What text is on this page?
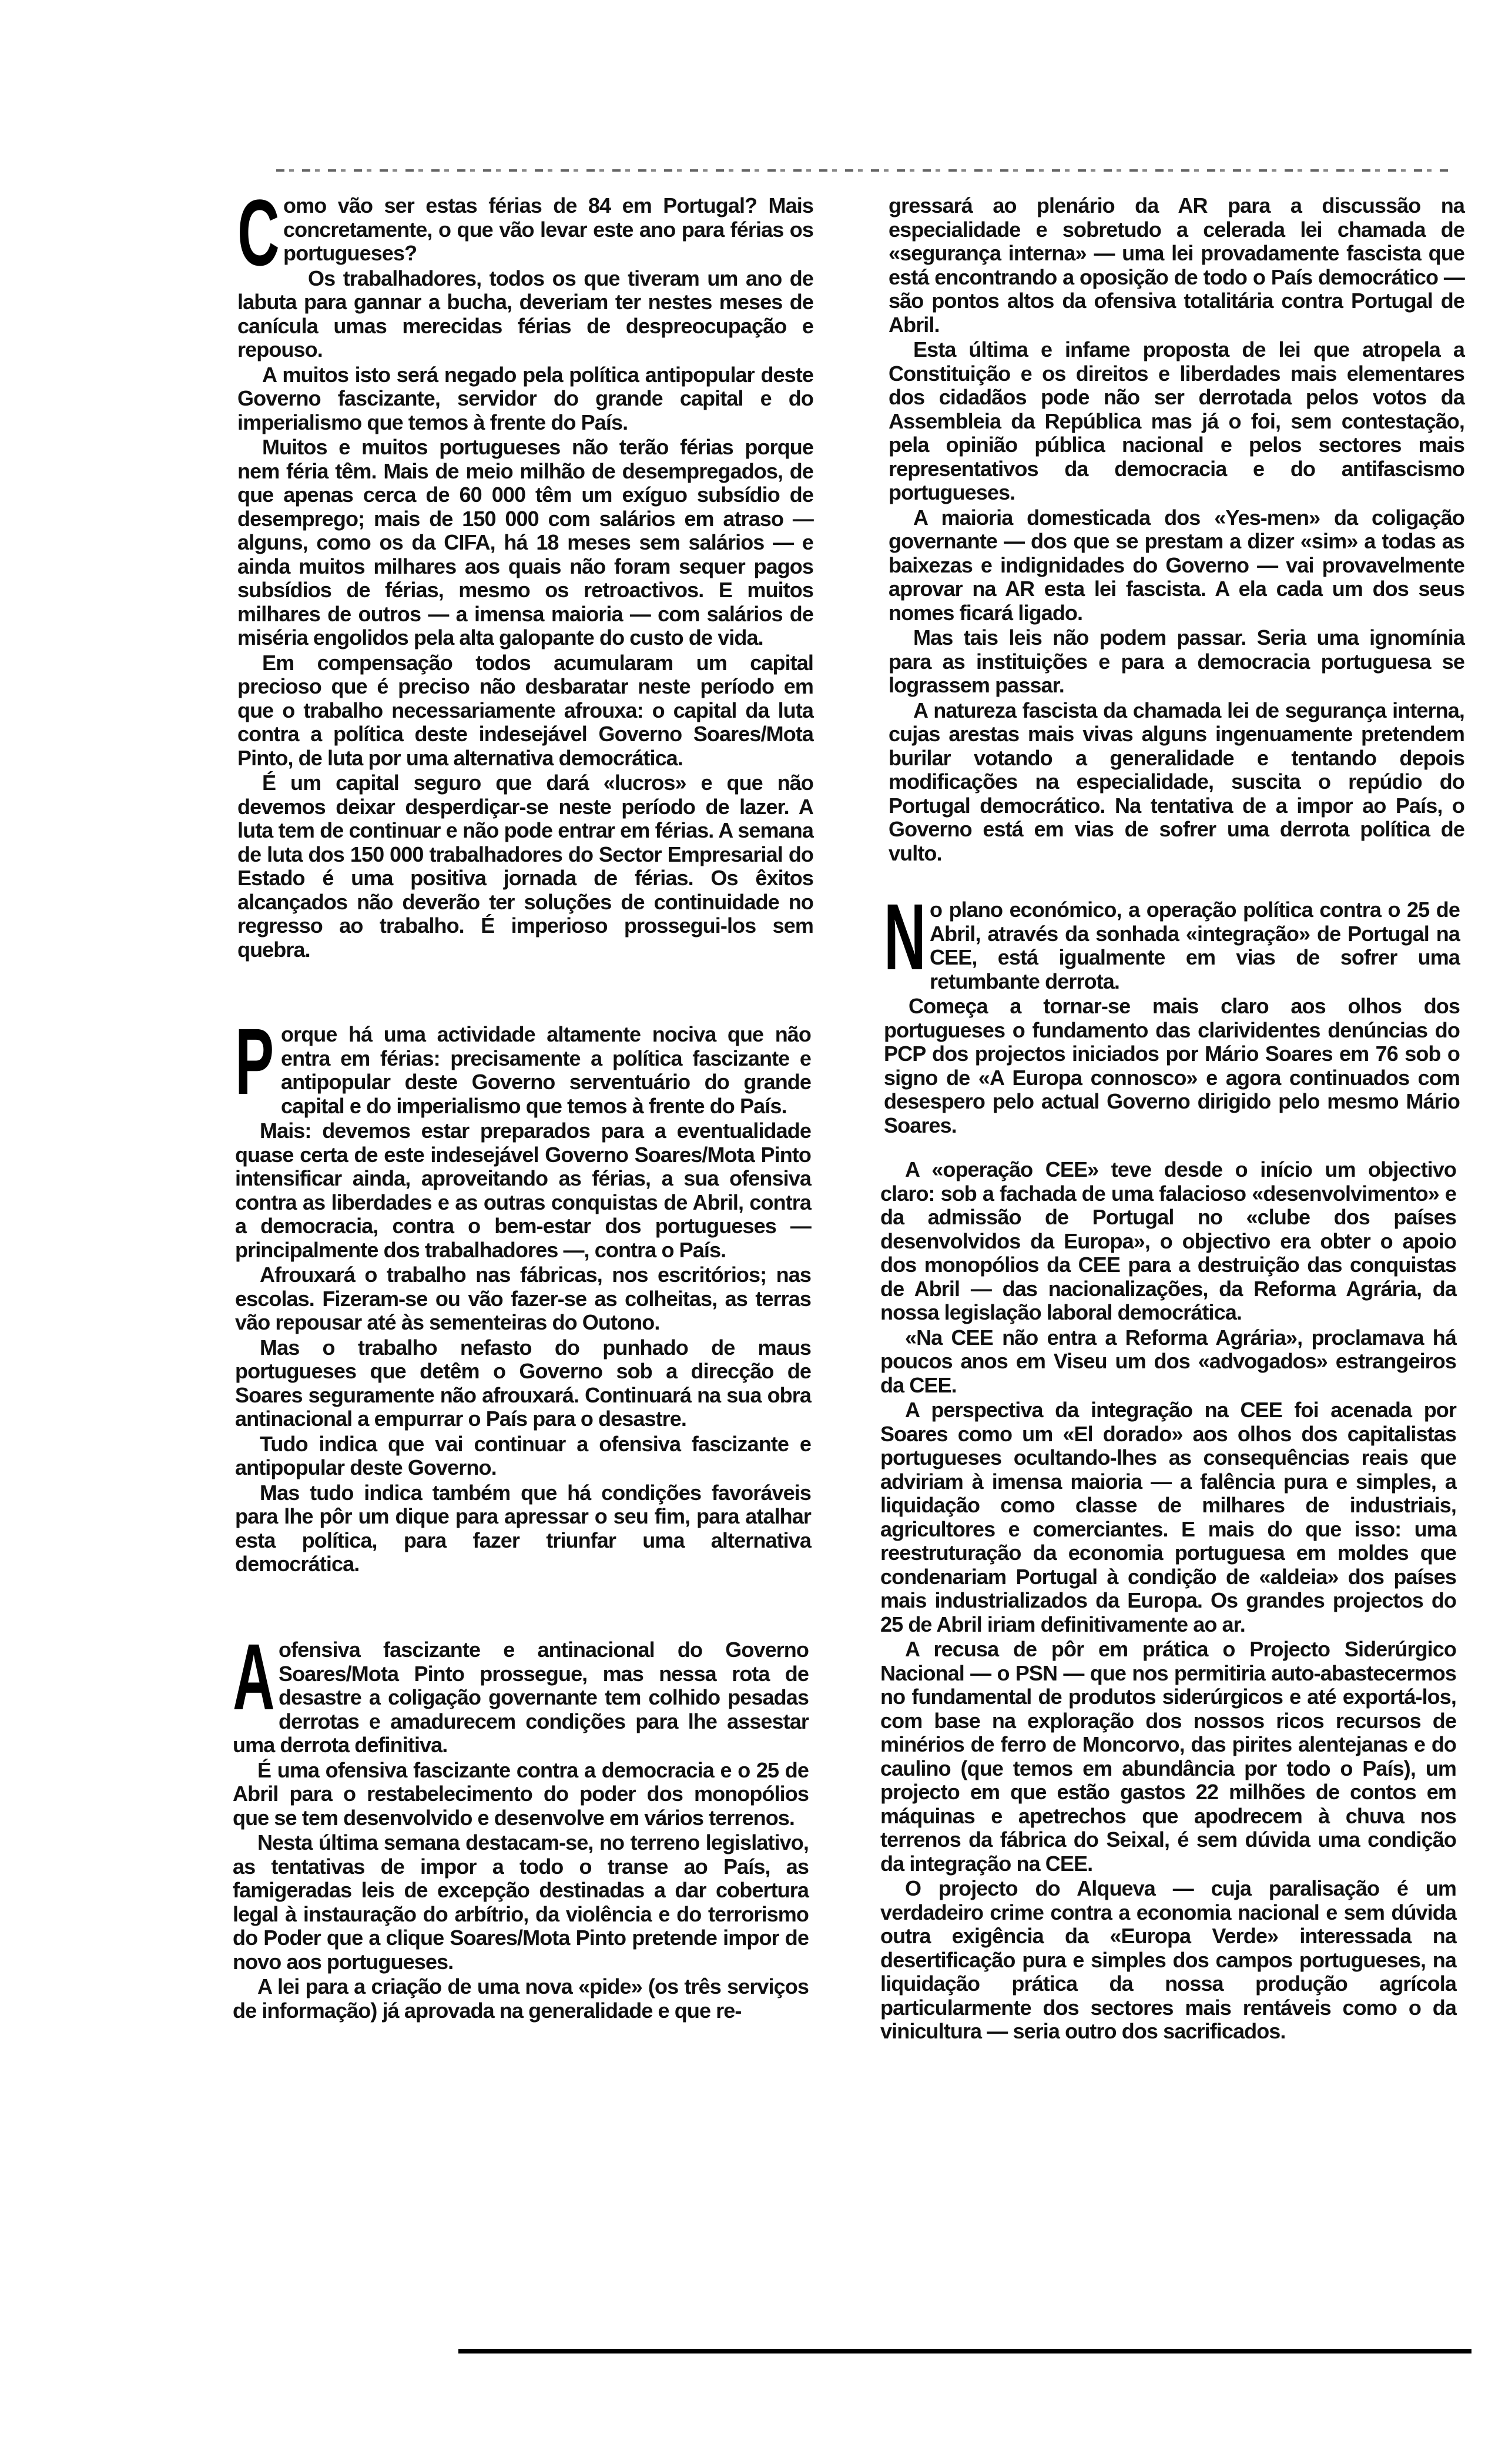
C omo vão ser estas férias de 84 em Portugal? Mais concretamente, o que vão levar este ano para férias os portugueses?

Os trabalhadores, todos os que tiveram um ano de labuta para gannar a bucha, deveriam ter nestes meses de canícula umas merecidas férias de despreocupação e repouso.

A muitos isto será negado pela política antipopular deste Governo fascizante, servidor do grande capital e do imperialismo que temos à frente do País.

Muitos e muitos portugueses não terão férias porque nem féria têm. Mais de meio milhão de desempregados, de que apenas cerca de 60 000 têm um exíguo subsídio de desemprego; mais de 150 000 com salários em atraso — alguns, como os da CIFA, há 18 meses sem salários — e ainda muitos milhares aos quais não foram sequer pagos subsídios de férias, mesmo os retroactivos. E muitos milhares de outros — a imensa maioria — com salários de miséria engolidos pela alta galopante do custo de vida.

Em compensação todos acumularam um capital precioso que é preciso não desbaratar neste período em que o trabalho necessariamente afrouxa: o capital da luta contra a política deste indesejável Governo Soares/Mota Pinto, de luta por uma alternativa democrática.

É um capital seguro que dará «lucros» e que não devemos deixar desperdiçar-se neste período de lazer. A luta tem de continuar e não pode entrar em férias. A semana de luta dos 150 000 trabalhadores do Sector Empresarial do Estado é uma positiva jornada de férias. Os êxitos alcançados não deverão ter soluções de continuidade no regresso ao trabalho. É imperioso prossegui-los sem quebra.

P orque há uma actividade altamente nociva que não entra em férias: precisamente a política fascizante e antipopular deste Governo serventuário do grande capital e do imperialismo que temos à frente do País.

Mais: devemos estar preparados para a eventualidade quase certa de este indesejável Governo Soares/Mota Pinto intensificar ainda, aproveitando as férias, a sua ofensiva contra as liberdades e as outras conquistas de Abril, contra a democracia, contra o bem-estar dos portugueses — principalmente dos trabalhadores —, contra o País.

Afrouxará o trabalho nas fábricas, nos escritórios; nas escolas. Fizeram-se ou vão fazer-se as colheitas, as terras vão repousar até às sementeiras do Outono.

Mas o trabalho nefasto do punhado de maus portugueses que detêm o Governo sob a direcção de Soares seguramente não afrouxará. Continuará na sua obra antinacional a empurrar o País para o desastre.

Tudo indica que vai continuar a ofensiva fascizante e antipopular deste Governo.

Mas tudo indica também que há condições favoráveis para lhe pôr um dique para apressar o seu fim, para atalhar esta política, para fazer triunfar uma alternativa democrática.

A ofensiva fascizante e antinacional do Governo Soares/Mota Pinto prossegue, mas nessa rota de desastre a coligação governante tem colhido pesadas derrotas e amadurecem condições para lhe assestar uma derrota definitiva.

É uma ofensiva fascizante contra a democracia e o 25 de Abril para o restabelecimento do poder dos monopólios que se tem desenvolvido e desenvolve em vários terrenos.

Nesta última semana destacam-se, no terreno legislativo, as tentativas de impor a todo o transe ao País, as famigeradas leis de excepção destinadas a dar cobertura legal à instauração do arbítrio, da violência e do terrorismo do Poder que a clique Soares/Mota Pinto pretende impor de novo aos portugueses.

A lei para a criação de uma nova «pide» (os três serviços de informação) já aprovada na generalidade e que re-

gressará ao plenário da AR para a discussão na especialidade e sobretudo a celerada lei chamada de «segurança interna» — uma lei provadamente fascista que está encontrando a oposição de todo o País democrático — são pontos altos da ofensiva totalitária contra Portugal de Abril.

Esta última e infame proposta de lei que atropela a Constituição e os direitos e liberdades mais elementares dos cidadãos pode não ser derrotada pelos votos da Assembleia da República mas já o foi, sem contestação, pela opinião pública nacional e pelos sectores mais representativos da democracia e do antifascismo portugueses.

A maioria domesticada dos «Yes-men» da coligação governante — dos que se prestam a dizer «sim» a todas as baixezas e indignidades do Governo — vai provavelmente aprovar na AR esta lei fascista. A ela cada um dos seus nomes ficará ligado.

Mas tais leis não podem passar. Seria uma ignomínia para as instituições e para a democracia portuguesa se lograssem passar.

A natureza fascista da chamada lei de segurança interna, cujas arestas mais vivas alguns ingenuamente pretendem burilar votando a generalidade e tentando depois modificações na especialidade, suscita o repúdio do Portugal democrático. Na tentativa de a impor ao País, o Governo está em vias de sofrer uma derrota política de vulto.

N o plano económico, a operação política contra o 25 de Abril, através da sonhada «integração» de Portugal na CEE, está igualmente em vias de sofrer uma retumbante derrota.

Começa a tornar-se mais claro aos olhos dos portugueses o fundamento das clarividentes denúncias do PCP dos projectos iniciados por Mário Soares em 76 sob o signo de «A Europa connosco» e agora continuados com desespero pelo actual Governo dirigido pelo mesmo Mário Soares.

A «operação CEE» teve desde o início um objectivo claro: sob a fachada de uma falacioso «desenvolvimento» e da admissão de Portugal no «clube dos países desenvolvidos da Europa», o objectivo era obter o apoio dos monopólios da CEE para a destruição das conquistas de Abril — das nacionalizações, da Reforma Agrária, da nossa legislação laboral democrática.

«Na CEE não entra a Reforma Agrária», proclamava há poucos anos em Viseu um dos «advogados» estrangeiros da CEE.

A perspectiva da integração na CEE foi acenada por Soares como um «El dorado» aos olhos dos capitalistas portugueses ocultando-lhes as consequências reais que adviriam à imensa maioria — a falência pura e simples, a liquidação como classe de milhares de industriais, agricultores e comerciantes. E mais do que isso: uma reestruturação da economia portuguesa em moldes que condenariam Portugal à condição de «aldeia» dos países mais industrializados da Europa. Os grandes projectos do 25 de Abril iriam definitivamente ao ar.

A recusa de pôr em prática o Projecto Siderúrgico Nacional — o PSN — que nos permitiria auto-abastecermos no fundamental de produtos siderúrgicos e até exportá-los, com base na exploração dos nossos ricos recursos de minérios de ferro de Moncorvo, das pirites alentejanas e do caulino (que temos em abundância por todo o País), um projecto em que estão gastos 22 milhões de contos em máquinas e apetrechos que apodrecem à chuva nos terrenos da fábrica do Seixal, é sem dúvida uma condição da integração na CEE.

O projecto do Alqueva — cuja paralisação é um verdadeiro crime contra a economia nacional e sem dúvida outra exigência da «Europa Verde» interessada na desertificação pura e simples dos campos portugueses, na liquidação prática da nossa produção agrícola particularmente dos sectores mais rentáveis como o da vinicultura — seria outro dos sacrificados.
